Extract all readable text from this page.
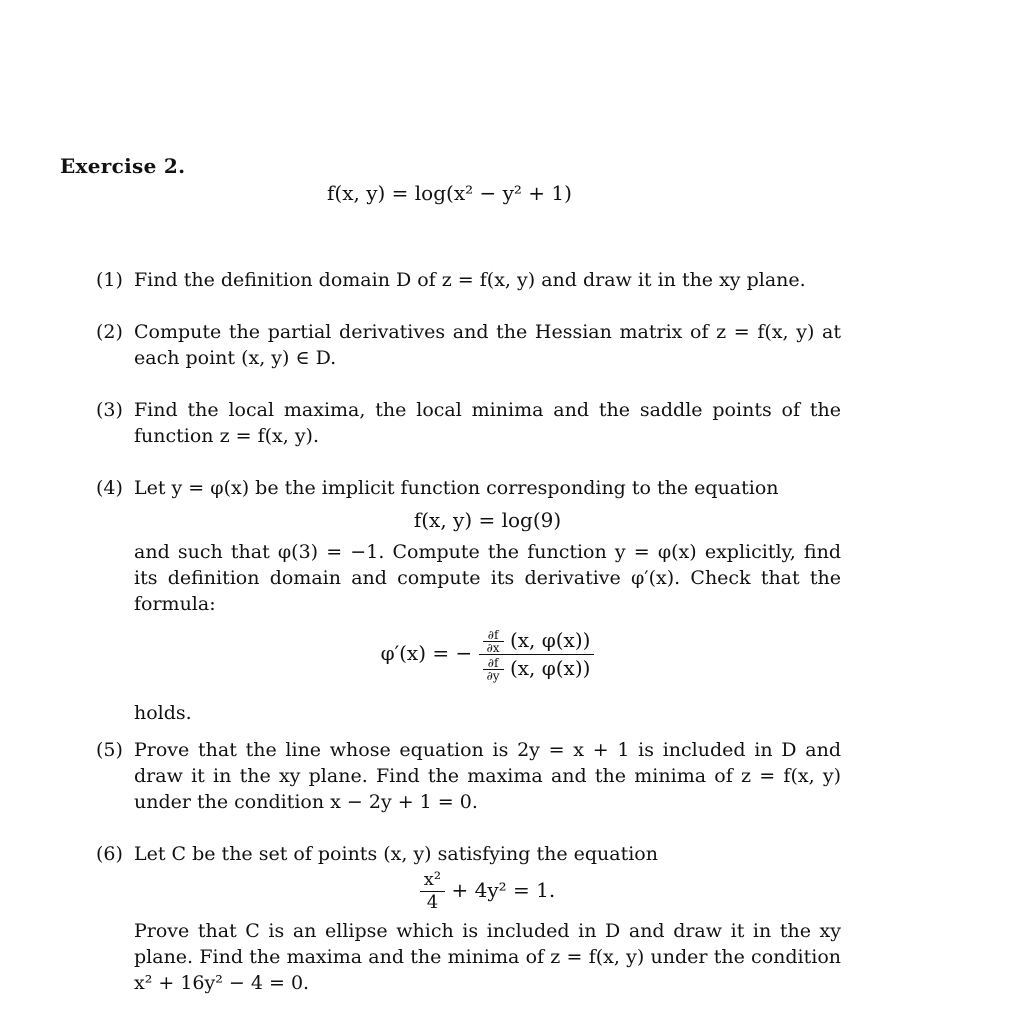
Exercise 2.
f(x, y) = log(x² − y² + 1)
(1) Find the definition domain D of z = f(x, y) and draw it in the xy plane.
(2) Compute the partial derivatives and the Hessian matrix of z = f(x, y) at each point (x, y) ∈ D.
(3) Find the local maxima, the local minima and the saddle points of the function z = f(x, y).
(4) Let y = φ(x) be the implicit function corresponding to the equation
f(x, y) = log(9)
and such that φ(3) = −1. Compute the function y = φ(x) explicitly, find its definition domain and compute its derivative φ′(x). Check that the formula:
φ′(x) = − $\frac{\frac{\partial f}{\partial x} (x, \varphi(x))}{\frac{\partial f}{\partial y} (x, \varphi(x))}$
holds.
(5) Prove that the line whose equation is 2y = x + 1 is included in D and draw it in the xy plane. Find the maxima and the minima of z = f(x, y) under the condition x − 2y + 1 = 0.
(6) Let C be the set of points (x, y) satisfying the equation
$\frac{\text{x²}}{4} + 4y^2 = 1$.
Prove that C is an ellipse which is included in D and draw it in the xy plane. Find the maxima and the minima of z = f(x, y) under the condition x² + 16y² − 4 = 0.
